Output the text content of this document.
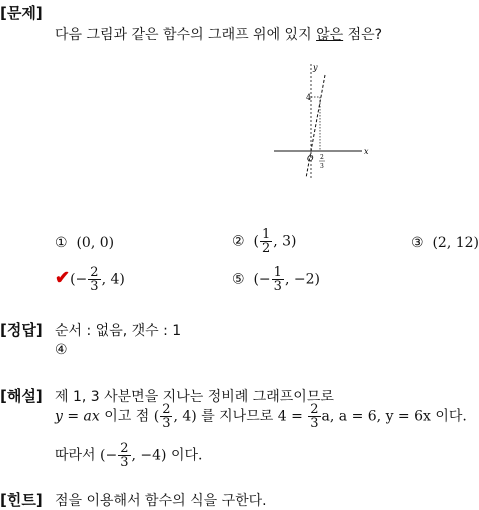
[문제]
다음 그림과 같은 함수의 그래프 위에 있지 않은 점은?
y
x
4
O 2
3
① (0, 0)	② ( $\frac{1}{2}$ , 3)	③ (2, 12)
✔(− $\frac{2}{3}$ , 4)	⑤ (− $\frac{1}{3}$ , −2)
[정답] 순서 : 없음, 갯수 : 1
④
[해설] 제 1, 3 사분면을 지나는 정비례 그래프이므로
y = ax 이고 점 ( $\frac{2}{3}$ , 4) 를 지나므로 $4 = \frac{2}{3} a$, a = 6, y = 6x 이다.
따라서 (− $\frac{2}{3}$ , −4) 이다.
[힌트] 점을 이용해서 함수의 식을 구한다.
